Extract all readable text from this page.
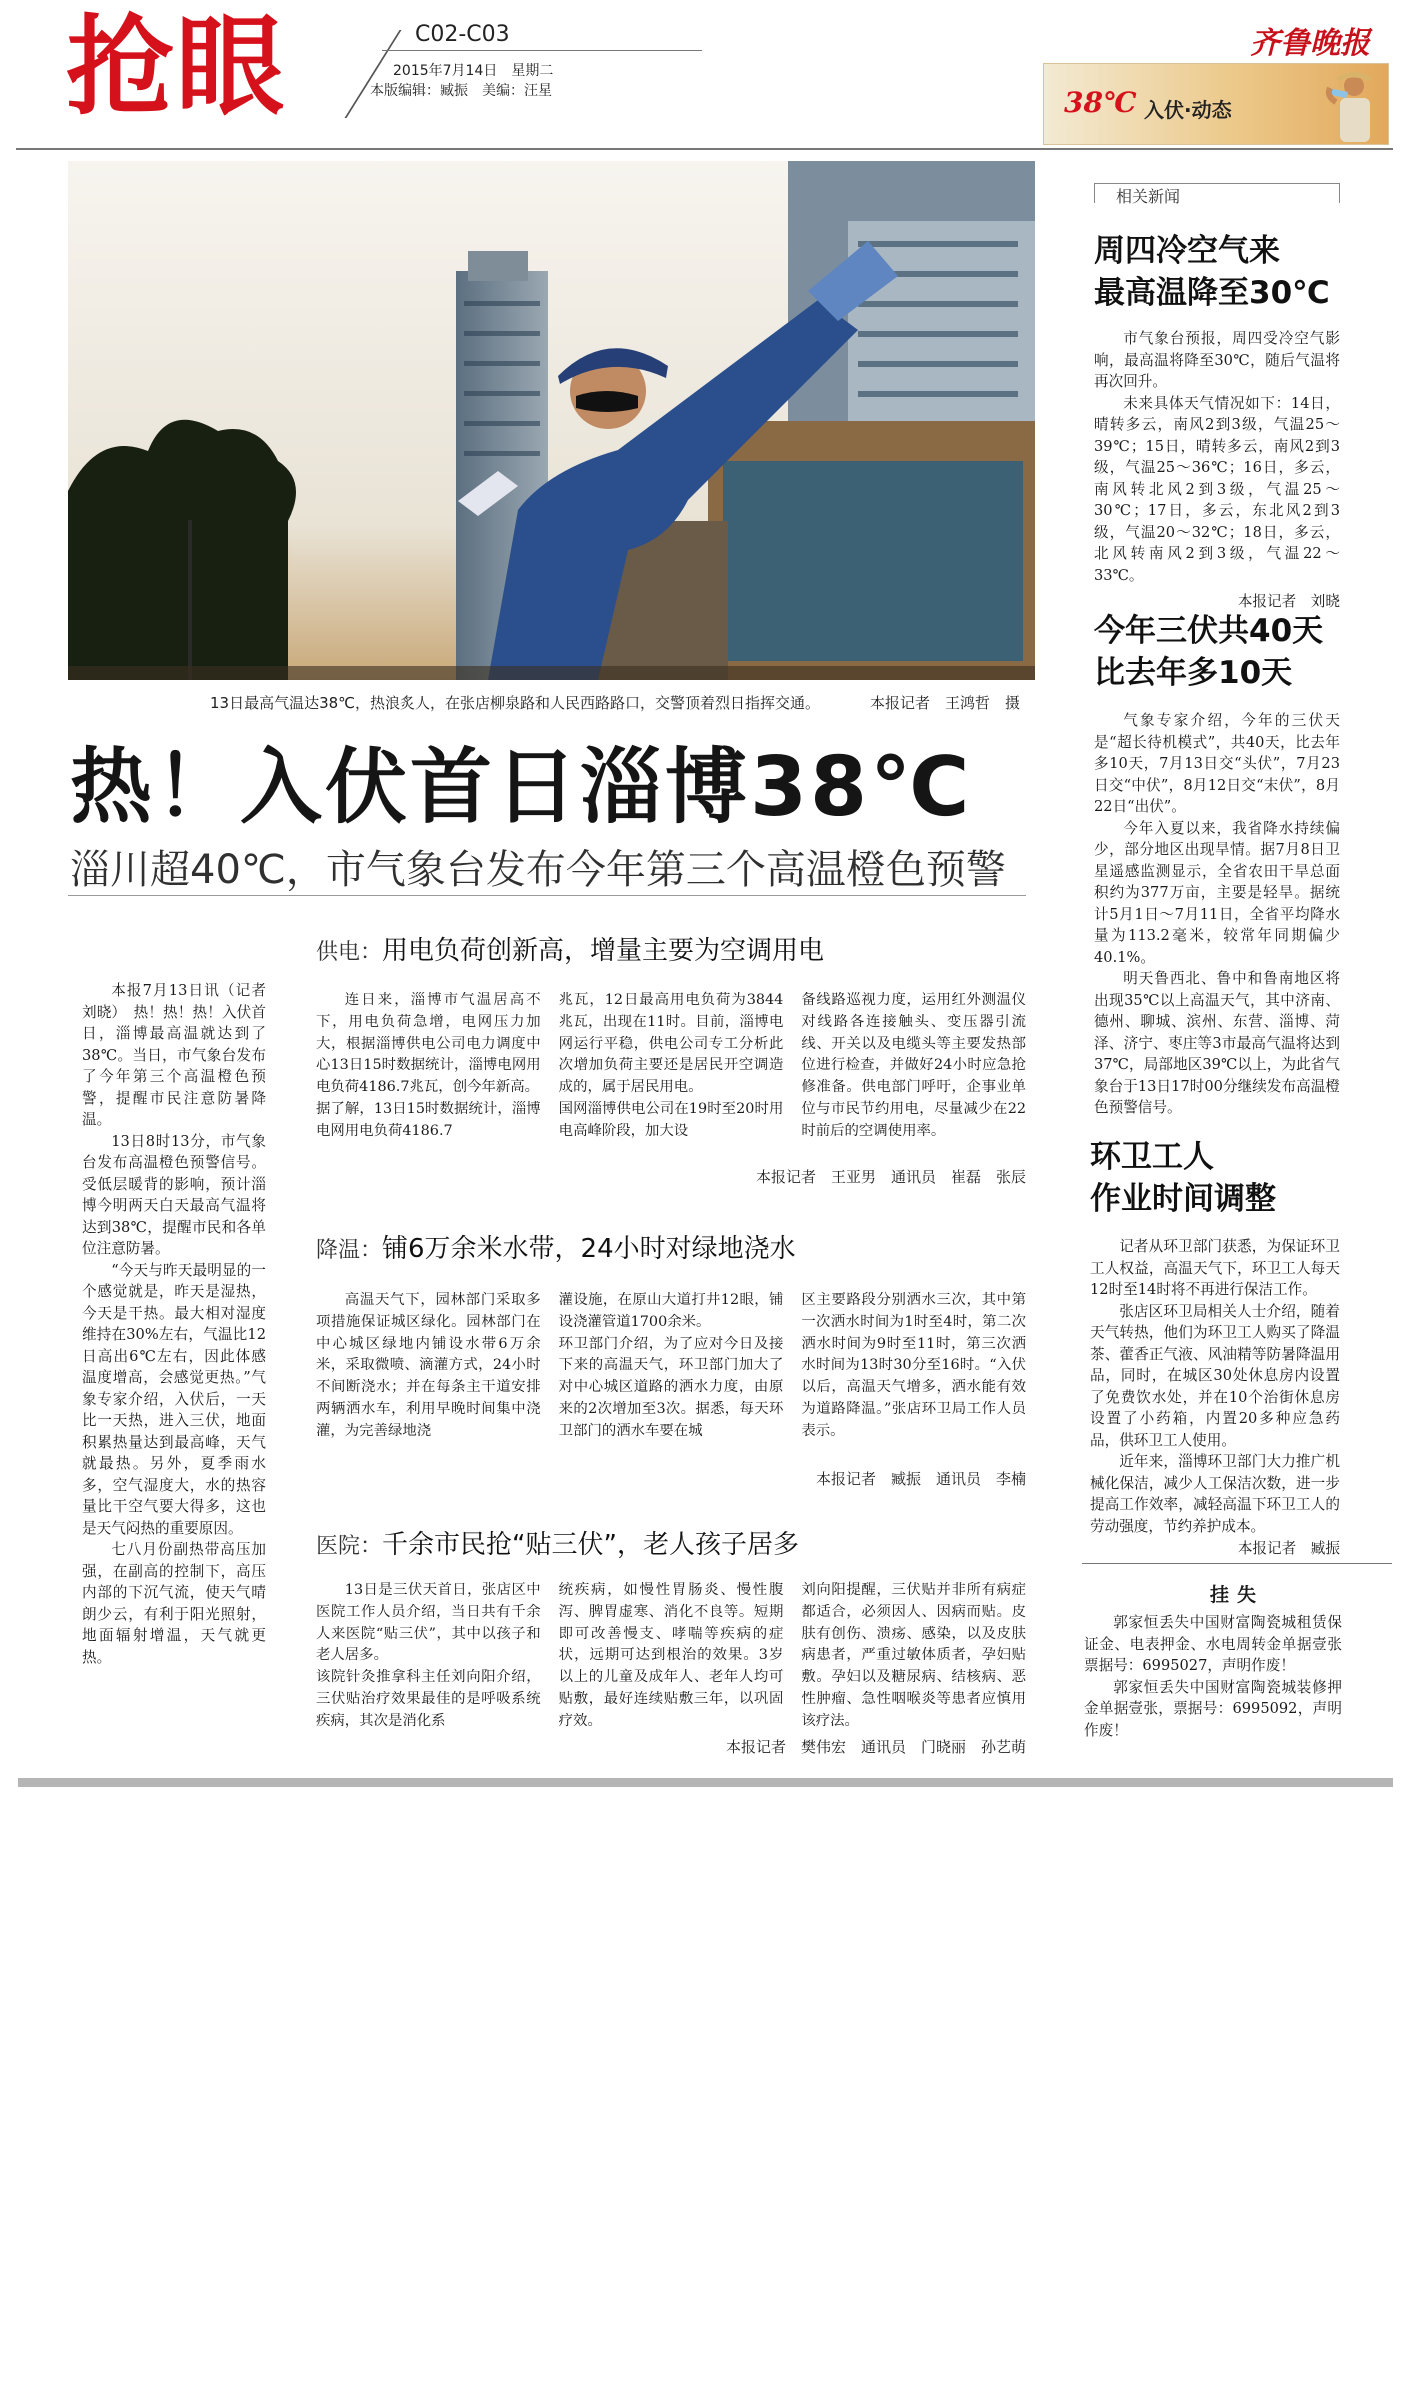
抢眼	C02-C03
2015年7月14日　星期二
本版编辑：臧振　美编：汪星
齐鲁晚报
38℃ 入伏·动态
13日最高气温达38℃，热浪炙人，在张店柳泉路和人民西路路口，交警顶着烈日指挥交通。	本报记者　王鸿哲　摄
热！入伏首日淄博38℃
淄川超40℃，市气象台发布今年第三个高温橙色预警

本报7月13日讯（记者 刘晓）　热！热！热！入伏首日，淄博最高温就达到了38℃。当日，市气象台发布了今年第三个高温橙色预警，提醒市民注意防暑降温。

13日8时13分，市气象台发布高温橙色预警信号。受低层暖背的影响，预计淄博今明两天白天最高气温将达到38℃，提醒市民和各单位注意防暑。

“今天与昨天最明显的一个感觉就是，昨天是湿热，今天是干热。最大相对湿度维持在30%左右，气温比12日高出6℃左右，因此体感温度增高，会感觉更热。”气象专家介绍，入伏后，一天比一天热，进入三伏，地面积累热量达到最高峰，天气就最热。另外，夏季雨水多，空气湿度大，水的热容量比干空气要大得多，这也是天气闷热的重要原因。

七八月份副热带高压加强，在副高的控制下，高压内部的下沉气流，使天气晴朗少云，有利于阳光照射，地面辐射增温，天气就更热。

供电：用电负荷创新高，增量主要为空调用电
连日来，淄博市气温居高不下，用电负荷急增，电网压力加大，根据淄博供电公司电力调度中心13日15时数据统计，淄博电网用电负荷4186.7兆瓦，创今年新高。
据了解，13日15时数据统计，淄博电网用电负荷4186.7
兆瓦，12日最高用电负荷为3844兆瓦，出现在11时。目前，淄博电网运行平稳，供电公司专工分析此次增加负荷主要还是居民开空调造成的，属于居民用电。
国网淄博供电公司在19时至20时用电高峰阶段，加大设
备线路巡视力度，运用红外测温仪对线路各连接触头、变压器引流线、开关以及电缆头等主要发热部位进行检查，并做好24小时应急抢修准备。供电部门呼吁，企事业单位与市民节约用电，尽量减少在22时前后的空调使用率。
本报记者　王亚男　通讯员　崔磊　张辰
降温：铺6万余米水带，24小时对绿地浇水
高温天气下，园林部门采取多项措施保证城区绿化。园林部门在中心城区绿地内铺设水带6万余米，采取微喷、滴灌方式，24小时不间断浇水；并在每条主干道安排两辆洒水车，利用早晚时间集中浇灌，为完善绿地浇
灌设施，在原山大道打井12眼，铺设浇灌管道1700余米。
环卫部门介绍，为了应对今日及接下来的高温天气，环卫部门加大了对中心城区道路的洒水力度，由原来的2次增加至3次。据悉，每天环卫部门的洒水车要在城
区主要路段分别洒水三次，其中第一次洒水时间为1时至4时，第二次洒水时间为9时至11时，第三次洒水时间为13时30分至16时。“入伏以后，高温天气增多，洒水能有效为道路降温。”张店环卫局工作人员表示。
本报记者　臧振　通讯员　李楠
医院：千余市民抢“贴三伏”，老人孩子居多
13日是三伏天首日，张店区中医院工作人员介绍，当日共有千余人来医院“贴三伏”，其中以孩子和老人居多。
该院针灸推拿科主任刘向阳介绍，三伏贴治疗效果最佳的是呼吸系统疾病，其次是消化系
统疾病，如慢性胃肠炎、慢性腹泻、脾胃虚寒、消化不良等。短期即可改善慢支、哮喘等疾病的症状，远期可达到根治的效果。3岁以上的儿童及成年人、老年人均可贴敷，最好连续贴敷三年，以巩固疗效。
刘向阳提醒，三伏贴并非所有病症都适合，必须因人、因病而贴。皮肤有创伤、溃疡、感染，以及皮肤病患者，严重过敏体质者，孕妇贴敷。孕妇以及糖尿病、结核病、恶性肿瘤、急性咽喉炎等患者应慎用该疗法。
本报记者　樊伟宏　通讯员　门晓丽　孙艺萌
相关新闻
周四冷空气来
最高温降至30℃

市气象台预报，周四受冷空气影响，最高温将降至30℃，随后气温将再次回升。

未来具体天气情况如下：14日，晴转多云，南风2到3级，气温25～39℃；15日，晴转多云，南风2到3级，气温25～36℃；16日，多云，南风转北风2到3级，气温25～30℃；17日，多云，东北风2到3级，气温20～32℃；18日，多云，北风转南风2到3级，气温22～33℃。

本报记者　刘晓

今年三伏共40天
比去年多10天

气象专家介绍，今年的三伏天是“超长待机模式”，共40天，比去年多10天，7月13日交“头伏”，7月23日交“中伏”，8月12日交“末伏”，8月22日“出伏”。

今年入夏以来，我省降水持续偏少，部分地区出现旱情。据7月8日卫星遥感监测显示，全省农田干旱总面积约为377万亩，主要是轻旱。据统计5月1日～7月11日，全省平均降水量为113.2毫米，较常年同期偏少40.1%。

明天鲁西北、鲁中和鲁南地区将出现35℃以上高温天气，其中济南、德州、聊城、滨州、东营、淄博、菏泽、济宁、枣庄等3市最高气温将达到37℃，局部地区39℃以上，为此省气象台于13日17时00分继续发布高温橙色预警信号。

环卫工人
作业时间调整

记者从环卫部门获悉，为保证环卫工人权益，高温天气下，环卫工人每天12时至14时将不再进行保洁工作。

张店区环卫局相关人士介绍，随着天气转热，他们为环卫工人购买了降温茶、藿香正气液、风油精等防暑降温用品，同时，在城区30处休息房内设置了免费饮水处，并在10个治街休息房设置了小药箱，内置20多种应急药品，供环卫工人使用。

近年来，淄博环卫部门大力推广机械化保洁，减少人工保洁次数，进一步提高工作效率，减轻高温下环卫工人的劳动强度，节约养护成本。

本报记者　臧振

挂失

郭家恒丢失中国财富陶瓷城租赁保证金、电表押金、水电周转金单据壹张　票据号：6995027，声明作废！

郭家恒丢失中国财富陶瓷城装修押金单据壹张，票据号：6995092，声明作废！
